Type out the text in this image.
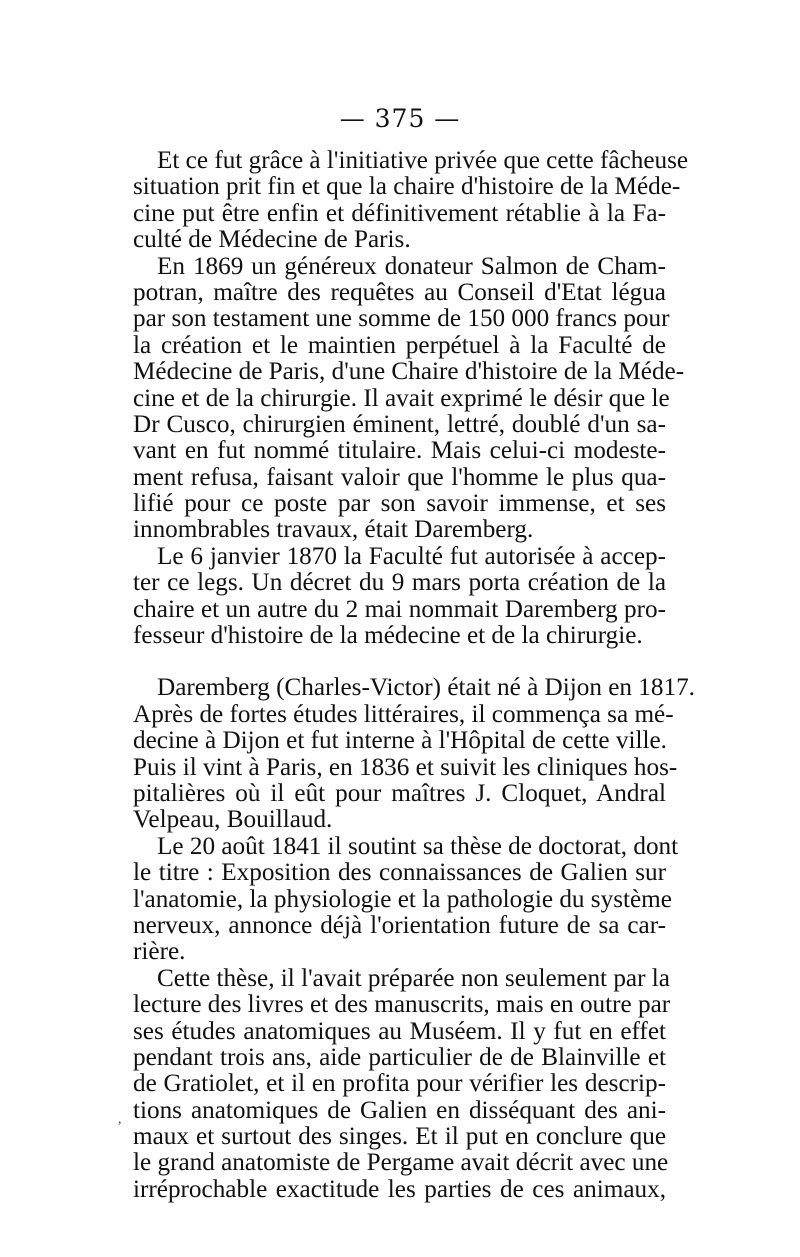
— 375 —
,
Et ce fut grâce à l'initiative privée que cette fâcheuse
situation prit fin et que la chaire d'histoire de la Méde-
cine put être enfin et définitivement rétablie à la Fa-
culté de Médecine de Paris.
En 1869 un généreux donateur Salmon de Cham-
potran, maître des requêtes au Conseil d'Etat légua
par son testament une somme de 150 000 francs pour
la création et le maintien perpétuel à la Faculté de
Médecine de Paris, d'une Chaire d'histoire de la Méde-
cine et de la chirurgie. Il avait exprimé le désir que le
Dr Cusco, chirurgien éminent, lettré, doublé d'un sa-
vant en fut nommé titulaire. Mais celui-ci modeste-
ment refusa, faisant valoir que l'homme le plus qua-
lifié pour ce poste par son savoir immense, et ses
innombrables travaux, était Daremberg.
Le 6 janvier 1870 la Faculté fut autorisée à accep-
ter ce legs. Un décret du 9 mars porta création de la
chaire et un autre du 2 mai nommait Daremberg pro-
fesseur d'histoire de la médecine et de la chirurgie.
Daremberg (Charles-Victor) était né à Dijon en 1817.
Après de fortes études littéraires, il commença sa mé-
decine à Dijon et fut interne à l'Hôpital de cette ville.
Puis il vint à Paris, en 1836 et suivit les cliniques hos-
pitalières où il eût pour maîtres J. Cloquet, Andral
Velpeau, Bouillaud.
Le 20 août 1841 il soutint sa thèse de doctorat, dont
le titre : Exposition des connaissances de Galien sur
l'anatomie, la physiologie et la pathologie du système
nerveux, annonce déjà l'orientation future de sa car-
rière.
Cette thèse, il l'avait préparée non seulement par la
lecture des livres et des manuscrits, mais en outre par
ses études anatomiques au Muséem. Il y fut en effet
pendant trois ans, aide particulier de de Blainville et
de Gratiolet, et il en profita pour vérifier les descrip-
tions anatomiques de Galien en disséquant des ani-
maux et surtout des singes. Et il put en conclure que
le grand anatomiste de Pergame avait décrit avec une
irréprochable exactitude les parties de ces animaux,
